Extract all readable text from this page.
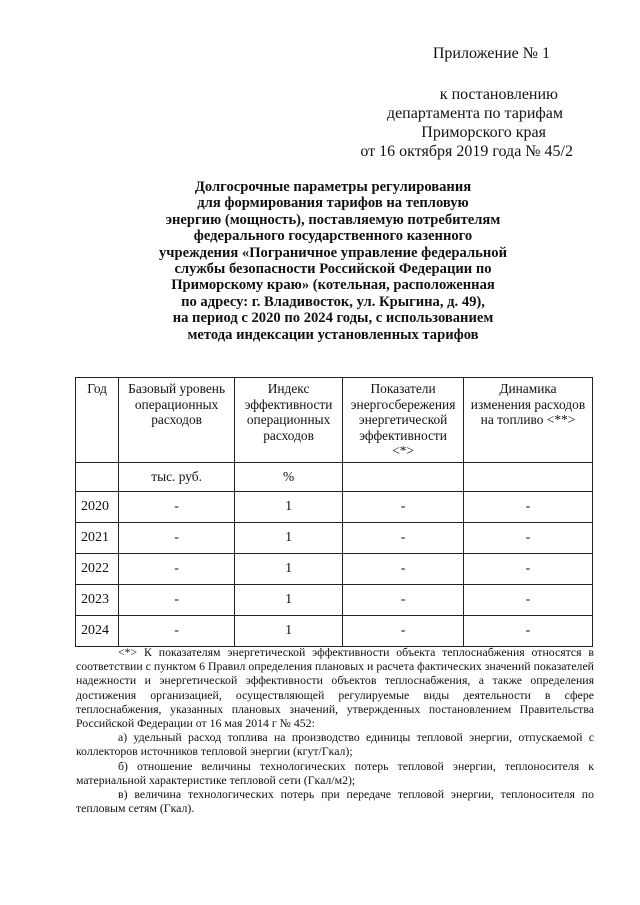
Приложение № 1
к постановлению
департамента по тарифам
Приморского края
от 16 октября 2019 года № 45/2
Долгосрочные параметры регулирования
для формирования тарифов на тепловую
энергию (мощность), поставляемую потребителям
федерального государственного казенного
учреждения «Пограничное управление федеральной
службы безопасности Российской Федерации по
Приморскому краю» (котельная, расположенная
по адресу: г. Владивосток, ул. Крыгина, д. 49),
на период с 2020 по 2024 годы, с использованием
метода индексации установленных тарифов
Год	Базовый уровень операционных расходов	Индекс эффективности операционных расходов	Показатели энергосбережения энергетической эффективности <*>	Динамика изменения расходов на топливо <**>
	тыс. руб.	%		
2020	-	1	-	-
2021	-	1	-	-
2022	-	1	-	-
2023	-	1	-	-
2024	-	1	-	-

<*> К показателям энергетической эффективности объекта теплоснабжения относятся в соответствии с пунктом 6 Правил определения плановых и расчета фактических значений показателей надежности и энергетической эффективности объектов теплоснабжения, а также определения достижения организацией, осуществляющей регулируемые виды деятельности в сфере теплоснабжения, указанных плановых значений, утвержденных постановлением Правительства Российской Федерации от 16 мая 2014 г № 452:

а) удельный расход топлива на производство единицы тепловой энергии, отпускаемой с коллекторов источников тепловой энергии (кгут/Гкал);

б) отношение величины технологических потерь тепловой энергии, теплоносителя к материальной характеристике тепловой сети (Гкал/м2);

в) величина технологических потерь при передаче тепловой энергии, теплоносителя по тепловым сетям (Гкал).
